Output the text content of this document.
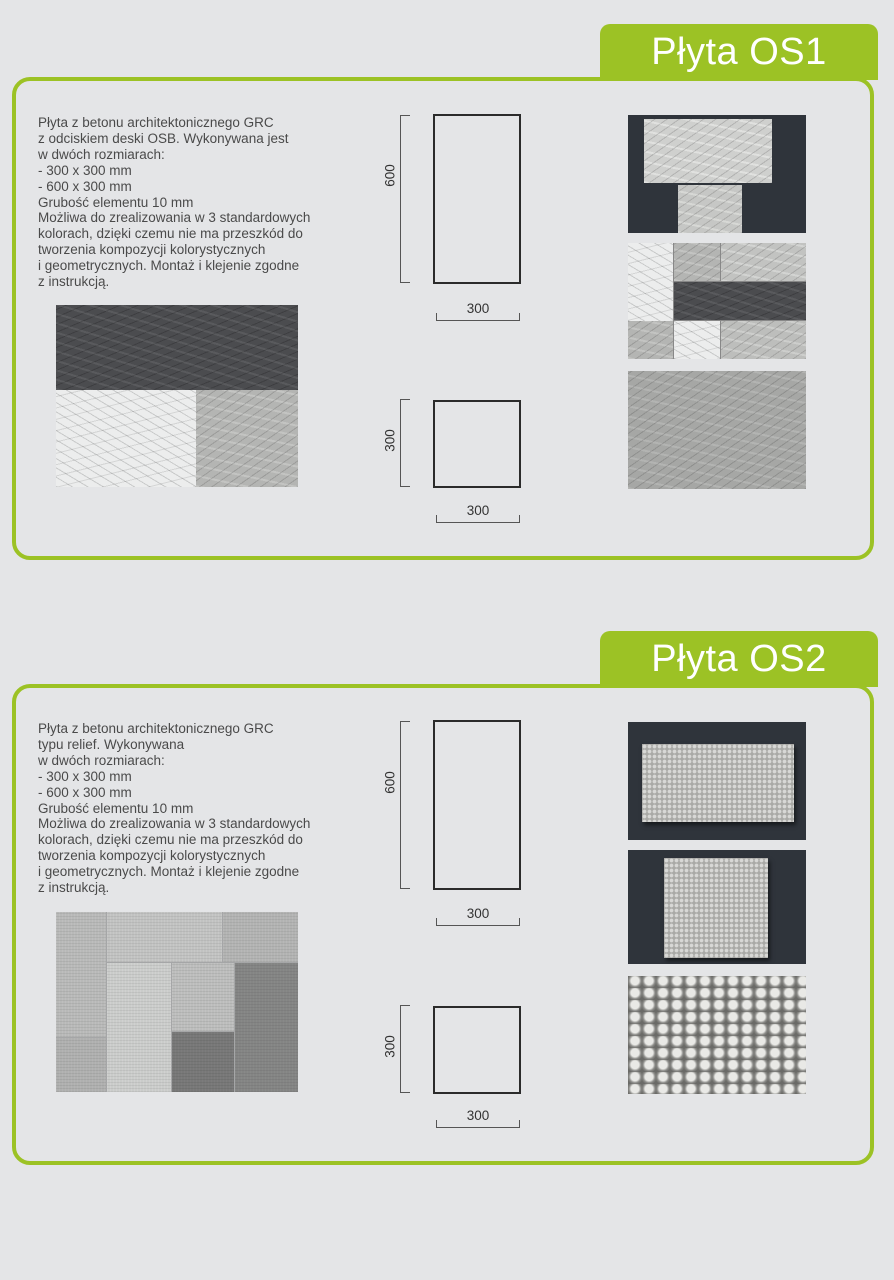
Płyta OS1

Płyta z betonu architektonicznego GRC
z odciskiem deski OSB. Wykonywana jest
w dwóch rozmiarach:
- 300 x 300 mm
- 600 x 300 mm
Grubość elementu 10 mm
Możliwa do zrealizowania w 3 standardowych
kolorach, dzięki czemu nie ma przeszkód do
tworzenia kompozycji kolorystycznych
i geometrycznych. Montaż i klejenie zgodne
z instrukcją.

600
300
300
300
Płyta OS2

Płyta z betonu architektonicznego GRC
typu relief. Wykonywana
w dwóch rozmiarach:
- 300 x 300 mm
- 600 x 300 mm
Grubość elementu 10 mm
Możliwa do zrealizowania w 3 standardowych
kolorach, dzięki czemu nie ma przeszkód do
tworzenia kompozycji kolorystycznych
i geometrycznych. Montaż i klejenie zgodne
z instrukcją.

600
300
300
300
